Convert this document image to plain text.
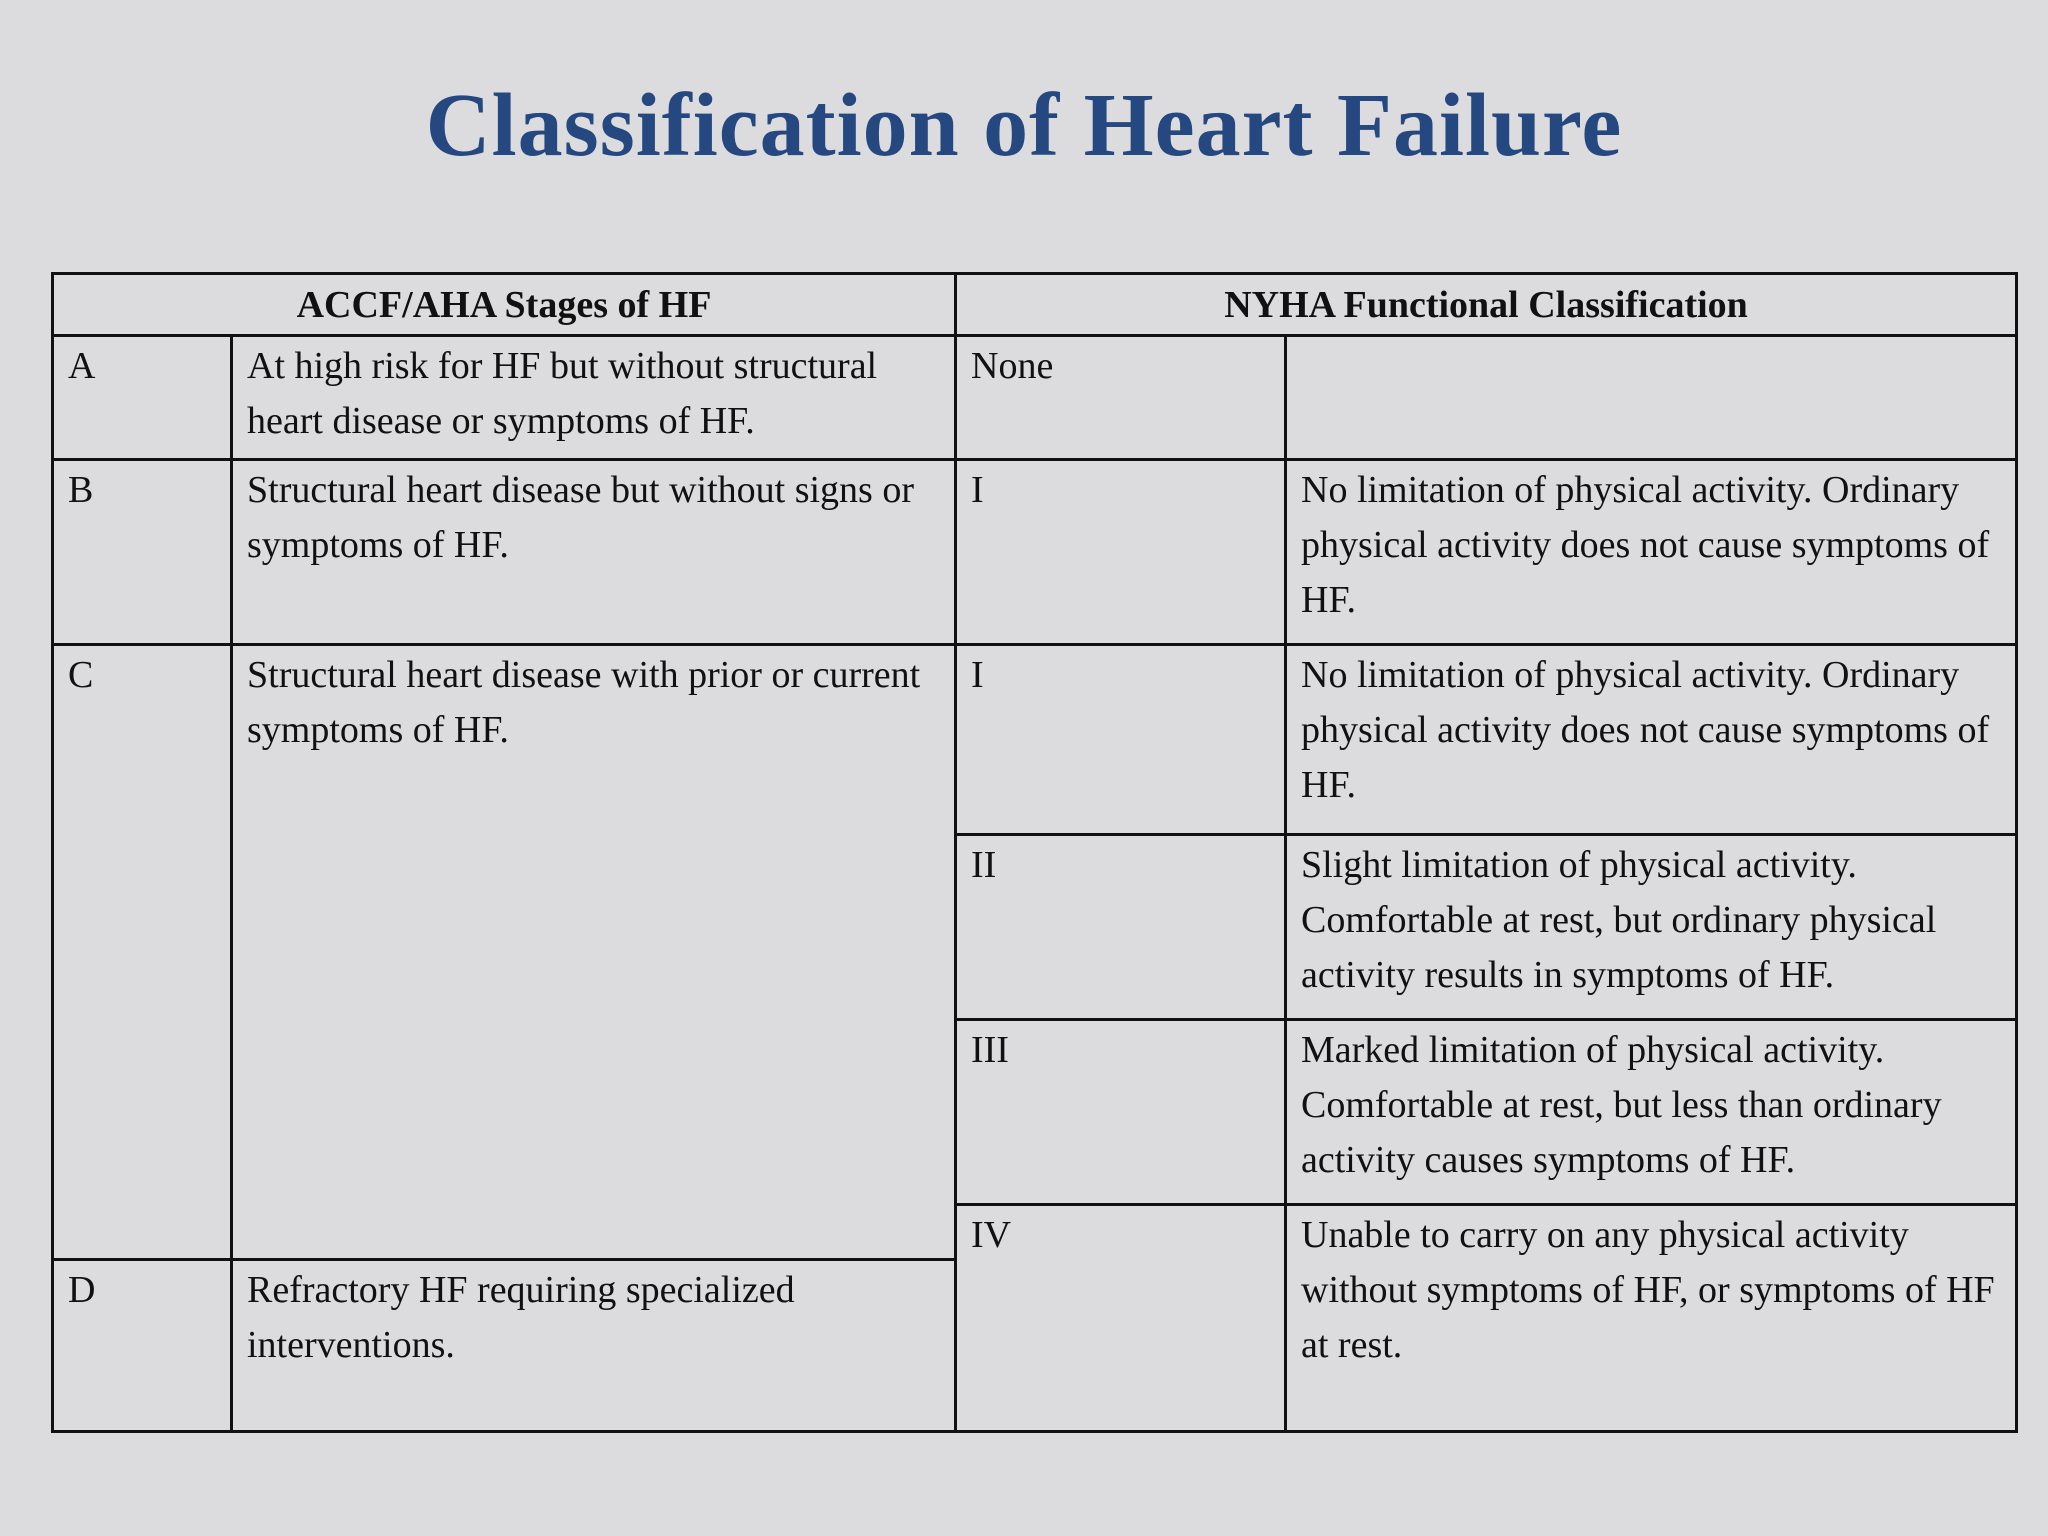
Classification of Heart Failure
ACCF/AHA Stages of HF		NYHA Functional Classification	
A	At high risk for HF but without structural heart disease or symptoms of HF.	None	
B	Structural heart disease but without signs or symptoms of HF.	I	No limitation of physical activity. Ordinary physical activity does not cause symptoms of HF.
C	Structural heart disease with prior or current symptoms of HF.	I	No limitation of physical activity. Ordinary physical activity does not cause symptoms of HF.
		II	Slight limitation of physical activity. Comfortable at rest, but ordinary physical activity results in symptoms of HF.
		III	Marked limitation of physical activity. Comfortable at rest, but less than ordinary activity causes symptoms of HF.
		IV	Unable to carry on any physical activity without symptoms of HF, or symptoms of HF at rest.
D	Refractory HF requiring specialized interventions.		
